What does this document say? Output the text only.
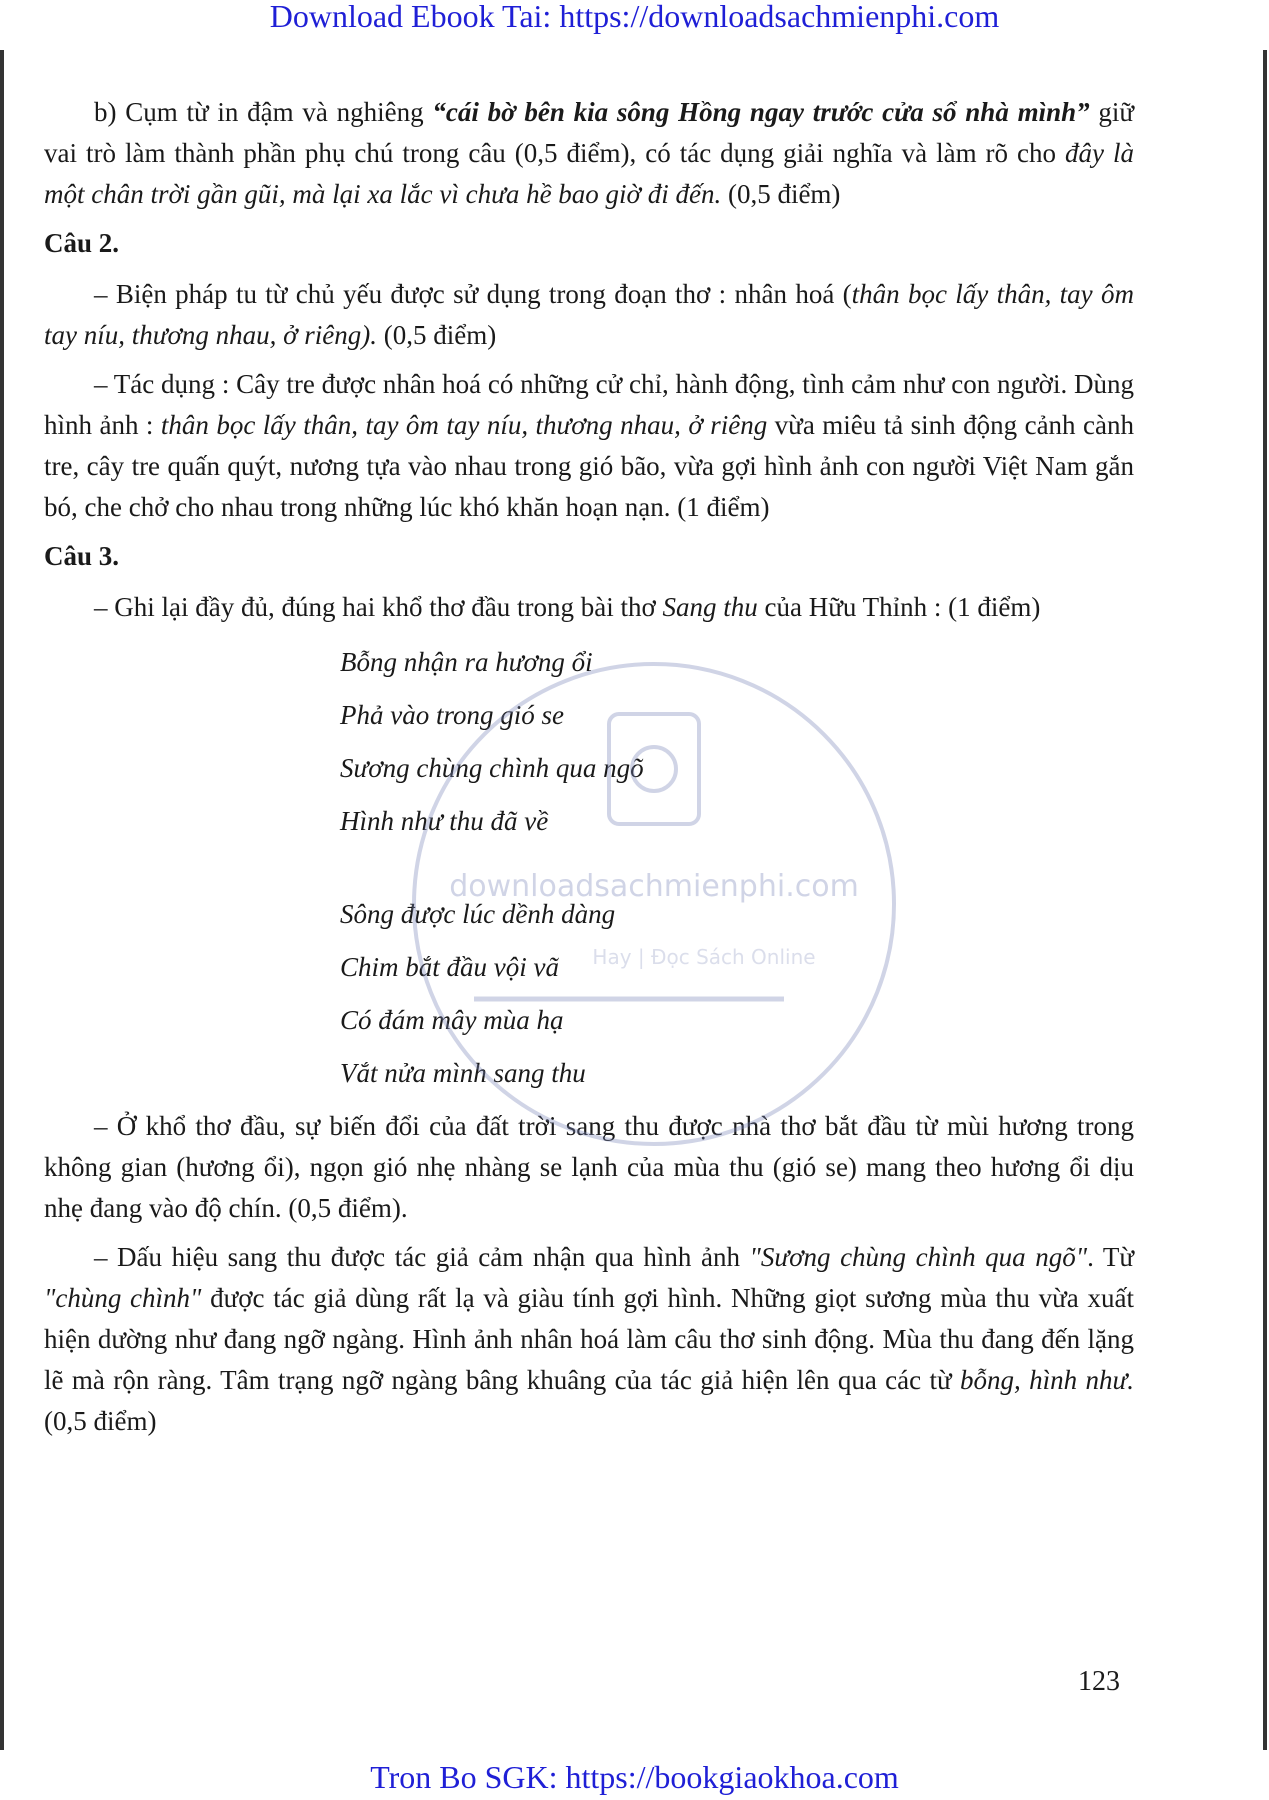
Download Ebook Tai: https://downloadsachmienphi.com

b) Cụm từ in đậm và nghiêng “cái bờ bên kia sông Hồng ngay trước cửa sổ nhà mình” giữ vai trò làm thành phần phụ chú trong câu (0,5 điểm), có tác dụng giải nghĩa và làm rõ cho đây là một chân trời gần gũi, mà lại xa lắc vì chưa hề bao giờ đi đến. (0,5 điểm)

Câu 2.

– Biện pháp tu từ chủ yếu được sử dụng trong đoạn thơ : nhân hoá (thân bọc lấy thân, tay ôm tay níu, thương nhau, ở riêng). (0,5 điểm)

– Tác dụng : Cây tre được nhân hoá có những cử chỉ, hành động, tình cảm như con người. Dùng hình ảnh : thân bọc lấy thân, tay ôm tay níu, thương nhau, ở riêng vừa miêu tả sinh động cảnh cành tre, cây tre quấn quýt, nương tựa vào nhau trong gió bão, vừa gợi hình ảnh con người Việt Nam gắn bó, che chở cho nhau trong những lúc khó khăn hoạn nạn. (1 điểm)

Câu 3.

– Ghi lại đầy đủ, đúng hai khổ thơ đầu trong bài thơ Sang thu của Hữu Thỉnh : (1 điểm)

Bỗng nhận ra hương ổi
Phả vào trong gió se
Sương chùng chình qua ngõ
Hình như thu đã về
Sông được lúc dềnh dàng
Chim bắt đầu vội vã
Có đám mây mùa hạ
Vắt nửa mình sang thu

– Ở khổ thơ đầu, sự biến đổi của đất trời sang thu được nhà thơ bắt đầu từ mùi hương trong không gian (hương ổi), ngọn gió nhẹ nhàng se lạnh của mùa thu (gió se) mang theo hương ổi dịu nhẹ đang vào độ chín. (0,5 điểm).

– Dấu hiệu sang thu được tác giả cảm nhận qua hình ảnh "Sương chùng chình qua ngõ". Từ "chùng chình" được tác giả dùng rất lạ và giàu tính gợi hình. Những giọt sương mùa thu vừa xuất hiện dường như đang ngỡ ngàng. Hình ảnh nhân hoá làm câu thơ sinh động. Mùa thu đang đến lặng lẽ mà rộn ràng. Tâm trạng ngỡ ngàng bâng khuâng của tác giả hiện lên qua các từ bỗng, hình như. (0,5 điểm)

downloadsachmienphi.com
Hay | Đọc Sách Online
123
Tron Bo SGK: https://bookgiaokhoa.com
